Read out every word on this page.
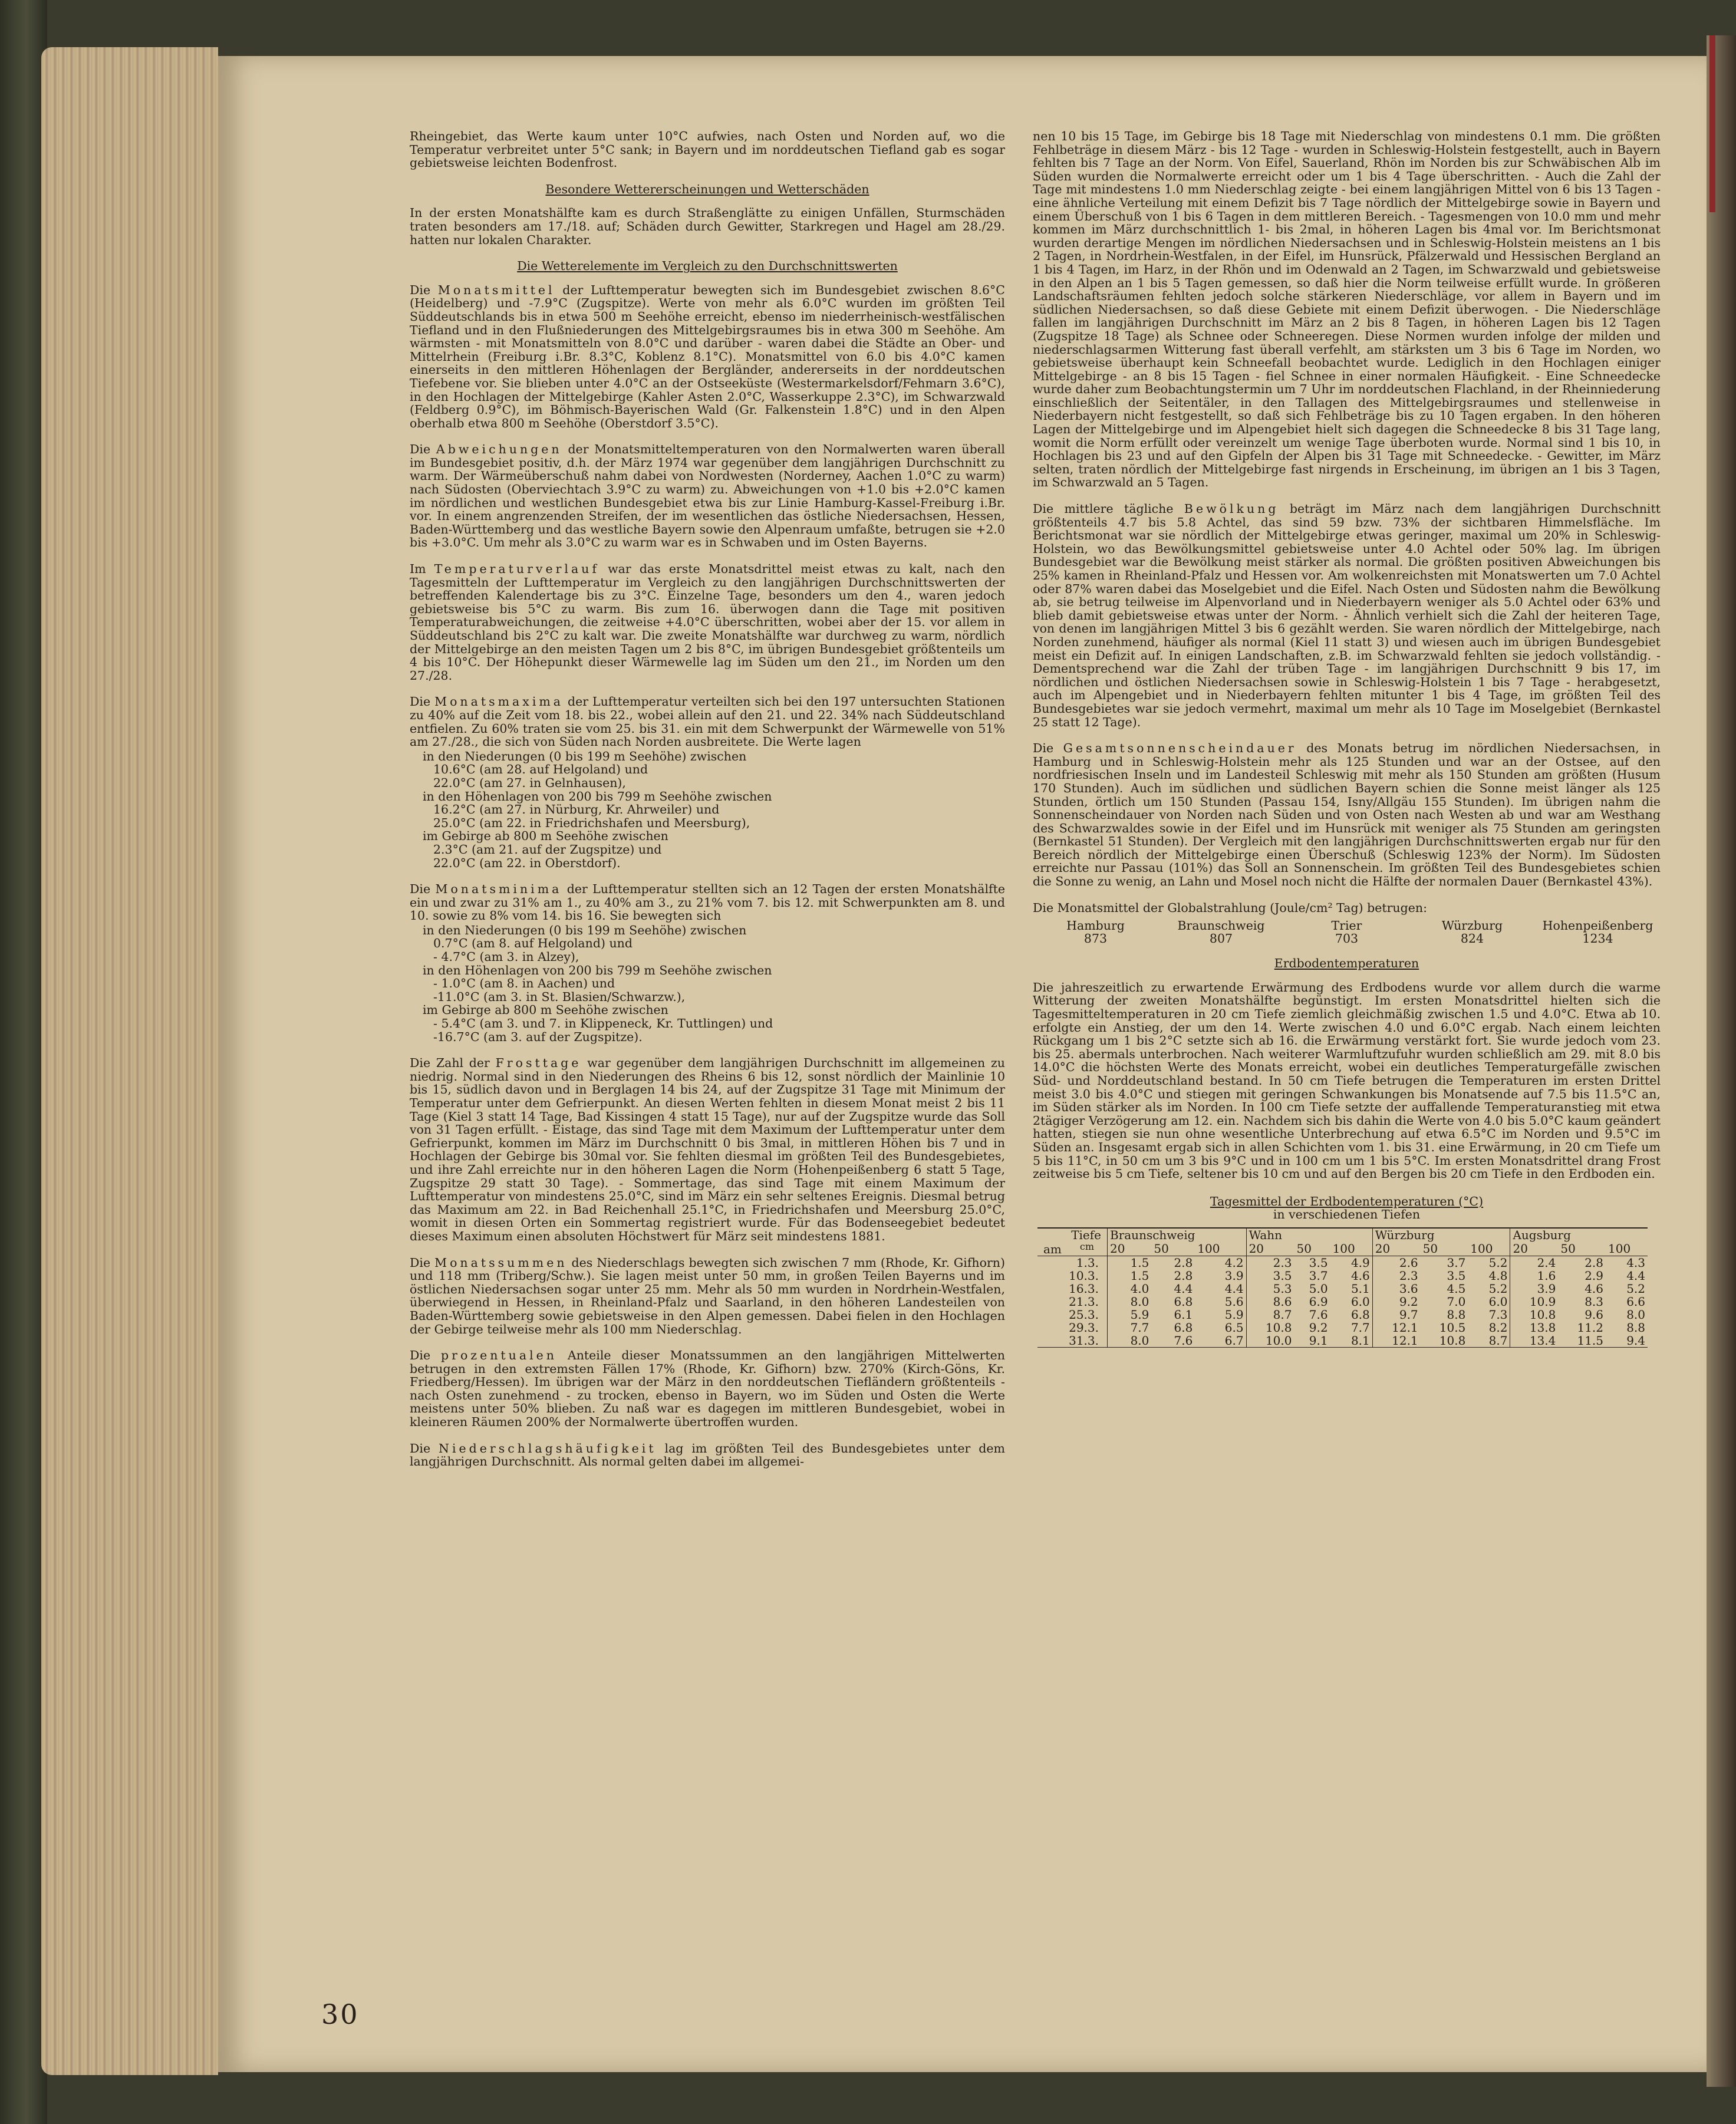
Rheingebiet, das Werte kaum unter 10°C aufwies, nach Osten und Norden auf, wo die Temperatur verbreitet unter 5°C sank; in Bayern und im norddeutschen Tiefland gab es sogar gebietsweise leichten Bodenfrost.

Besondere Wettererscheinungen und Wetterschäden

In der ersten Monatshälfte kam es durch Straßenglätte zu einigen Unfällen, Sturmschäden traten besonders am 17./18. auf; Schäden durch Gewitter, Starkregen und Hagel am 28./29. hatten nur lokalen Charakter.

Die Wetterelemente im Vergleich zu den Durchschnittswerten

Die Monatsmittel der Lufttemperatur bewegten sich im Bundesgebiet zwischen 8.6°C (Heidelberg) und -7.9°C (Zugspitze). Werte von mehr als 6.0°C wurden im größten Teil Süddeutschlands bis in etwa 500 m Seehöhe erreicht, ebenso im niederrheinisch-westfälischen Tiefland und in den Flußniederungen des Mittelgebirgsraumes bis in etwa 300 m Seehöhe. Am wärmsten - mit Monatsmitteln von 8.0°C und darüber - waren dabei die Städte an Ober- und Mittelrhein (Freiburg i.Br. 8.3°C, Koblenz 8.1°C). Monatsmittel von 6.0 bis 4.0°C kamen einerseits in den mittleren Höhenlagen der Bergländer, andererseits in der norddeutschen Tiefebene vor. Sie blieben unter 4.0°C an der Ostseeküste (Westermarkelsdorf/Fehmarn 3.6°C), in den Hochlagen der Mittelgebirge (Kahler Asten 2.0°C, Wasserkuppe 2.3°C), im Schwarzwald (Feldberg 0.9°C), im Böhmisch-Bayerischen Wald (Gr. Falkenstein 1.8°C) und in den Alpen oberhalb etwa 800 m Seehöhe (Oberstdorf 3.5°C).

Die Abweichungen der Monatsmitteltemperaturen von den Normalwerten waren überall im Bundesgebiet positiv, d.h. der März 1974 war gegenüber dem langjährigen Durchschnitt zu warm. Der Wärmeüberschuß nahm dabei von Nordwesten (Norderney, Aachen 1.0°C zu warm) nach Südosten (Oberviechtach 3.9°C zu warm) zu. Abweichungen von +1.0 bis +2.0°C kamen im nördlichen und westlichen Bundesgebiet etwa bis zur Linie Hamburg-Kassel-Freiburg i.Br. vor. In einem angrenzenden Streifen, der im wesentlichen das östliche Niedersachsen, Hessen, Baden-Württemberg und das westliche Bayern sowie den Alpenraum umfaßte, betrugen sie +2.0 bis +3.0°C. Um mehr als 3.0°C zu warm war es in Schwaben und im Osten Bayerns.

Im Temperaturverlauf war das erste Monatsdrittel meist etwas zu kalt, nach den Tagesmitteln der Lufttemperatur im Vergleich zu den langjährigen Durchschnittswerten der betreffenden Kalendertage bis zu 3°C. Einzelne Tage, besonders um den 4., waren jedoch gebietsweise bis 5°C zu warm. Bis zum 16. überwogen dann die Tage mit positiven Temperaturabweichungen, die zeitweise +4.0°C überschritten, wobei aber der 15. vor allem in Süddeutschland bis 2°C zu kalt war. Die zweite Monatshälfte war durchweg zu warm, nördlich der Mittelgebirge an den meisten Tagen um 2 bis 8°C, im übrigen Bundesgebiet größtenteils um 4 bis 10°C. Der Höhepunkt dieser Wärmewelle lag im Süden um den 21., im Norden um den 27./28.

Die Monatsmaxima der Lufttemperatur verteilten sich bei den 197 untersuchten Stationen zu 40% auf die Zeit vom 18. bis 22., wobei allein auf den 21. und 22. 34% nach Süddeutschland entfielen. Zu 60% traten sie vom 25. bis 31. ein mit dem Schwerpunkt der Wärmewelle von 51% am 27./28., die sich von Süden nach Norden ausbreitete. Die Werte lagen

in den Niederungen (0 bis 199 m Seehöhe) zwischen
10.6°C (am 28. auf Helgoland) und
22.0°C (am 27. in Gelnhausen),
in den Höhenlagen von 200 bis 799 m Seehöhe zwischen
16.2°C (am 27. in Nürburg, Kr. Ahrweiler) und
25.0°C (am 22. in Friedrichshafen und Meersburg),
im Gebirge ab 800 m Seehöhe zwischen
2.3°C (am 21. auf der Zugspitze) und
22.0°C (am 22. in Oberstdorf).

Die Monatsminima der Lufttemperatur stellten sich an 12 Tagen der ersten Monatshälfte ein und zwar zu 31% am 1., zu 40% am 3., zu 21% vom 7. bis 12. mit Schwerpunkten am 8. und 10. sowie zu 8% vom 14. bis 16. Sie bewegten sich

in den Niederungen (0 bis 199 m Seehöhe) zwischen
0.7°C (am 8. auf Helgoland) und
- 4.7°C (am 3. in Alzey),
in den Höhenlagen von 200 bis 799 m Seehöhe zwischen
- 1.0°C (am 8. in Aachen) und
-11.0°C (am 3. in St. Blasien/Schwarzw.),
im Gebirge ab 800 m Seehöhe zwischen
- 5.4°C (am 3. und 7. in Klippeneck, Kr. Tuttlingen) und
-16.7°C (am 3. auf der Zugspitze).

Die Zahl der Frosttage war gegenüber dem langjährigen Durchschnitt im allgemeinen zu niedrig. Normal sind in den Niederungen des Rheins 6 bis 12, sonst nördlich der Mainlinie 10 bis 15, südlich davon und in Berglagen 14 bis 24, auf der Zugspitze 31 Tage mit Minimum der Temperatur unter dem Gefrierpunkt. An diesen Werten fehlten in diesem Monat meist 2 bis 11 Tage (Kiel 3 statt 14 Tage, Bad Kissingen 4 statt 15 Tage), nur auf der Zugspitze wurde das Soll von 31 Tagen erfüllt. - Eistage, das sind Tage mit dem Maximum der Lufttemperatur unter dem Gefrierpunkt, kommen im März im Durchschnitt 0 bis 3mal, in mittleren Höhen bis 7 und in Hochlagen der Gebirge bis 30mal vor. Sie fehlten diesmal im größten Teil des Bundesgebietes, und ihre Zahl erreichte nur in den höheren Lagen die Norm (Hohenpeißenberg 6 statt 5 Tage, Zugspitze 29 statt 30 Tage). - Sommertage, das sind Tage mit einem Maximum der Lufttemperatur von mindestens 25.0°C, sind im März ein sehr seltenes Ereignis. Diesmal betrug das Maximum am 22. in Bad Reichenhall 25.1°C, in Friedrichshafen und Meersburg 25.0°C, womit in diesen Orten ein Sommertag registriert wurde. Für das Bodenseegebiet bedeutet dieses Maximum einen absoluten Höchstwert für März seit mindestens 1881.

Die Monatssummen des Niederschlags bewegten sich zwischen 7 mm (Rhode, Kr. Gifhorn) und 118 mm (Triberg/Schw.). Sie lagen meist unter 50 mm, in großen Teilen Bayerns und im östlichen Niedersachsen sogar unter 25 mm. Mehr als 50 mm wurden in Nordrhein-Westfalen, überwiegend in Hessen, in Rheinland-Pfalz und Saarland, in den höheren Landesteilen von Baden-Württemberg sowie gebietsweise in den Alpen gemessen. Dabei fielen in den Hochlagen der Gebirge teilweise mehr als 100 mm Niederschlag.

Die prozentualen Anteile dieser Monatssummen an den langjährigen Mittelwerten betrugen in den extremsten Fällen 17% (Rhode, Kr. Gifhorn) bzw. 270% (Kirch-Göns, Kr. Friedberg/Hessen). Im übrigen war der März in den norddeutschen Tiefländern größtenteils - nach Osten zunehmend - zu trocken, ebenso in Bayern, wo im Süden und Osten die Werte meistens unter 50% blieben. Zu naß war es dagegen im mittleren Bundesgebiet, wobei in kleineren Räumen 200% der Normalwerte übertroffen wurden.

Die Niederschlagshäufigkeit lag im größten Teil des Bundesgebietes unter dem langjährigen Durchschnitt. Als normal gelten dabei im allgemei-

nen 10 bis 15 Tage, im Gebirge bis 18 Tage mit Niederschlag von mindestens 0.1 mm. Die größten Fehlbeträge in diesem März - bis 12 Tage - wurden in Schleswig-Holstein festgestellt, auch in Bayern fehlten bis 7 Tage an der Norm. Von Eifel, Sauerland, Rhön im Norden bis zur Schwäbischen Alb im Süden wurden die Normalwerte erreicht oder um 1 bis 4 Tage überschritten. - Auch die Zahl der Tage mit mindestens 1.0 mm Niederschlag zeigte - bei einem langjährigen Mittel von 6 bis 13 Tagen - eine ähnliche Verteilung mit einem Defizit bis 7 Tage nördlich der Mittelgebirge sowie in Bayern und einem Überschuß von 1 bis 6 Tagen in dem mittleren Bereich. - Tagesmengen von 10.0 mm und mehr kommen im März durchschnittlich 1- bis 2mal, in höheren Lagen bis 4mal vor. Im Berichtsmonat wurden derartige Mengen im nördlichen Niedersachsen und in Schleswig-Holstein meistens an 1 bis 2 Tagen, in Nordrhein-Westfalen, in der Eifel, im Hunsrück, Pfälzerwald und Hessischen Bergland an 1 bis 4 Tagen, im Harz, in der Rhön und im Odenwald an 2 Tagen, im Schwarzwald und gebietsweise in den Alpen an 1 bis 5 Tagen gemessen, so daß hier die Norm teilweise erfüllt wurde. In größeren Landschaftsräumen fehlten jedoch solche stärkeren Niederschläge, vor allem in Bayern und im südlichen Niedersachsen, so daß diese Gebiete mit einem Defizit überwogen. - Die Niederschläge fallen im langjährigen Durchschnitt im März an 2 bis 8 Tagen, in höheren Lagen bis 12 Tagen (Zugspitze 18 Tage) als Schnee oder Schneeregen. Diese Normen wurden infolge der milden und niederschlagsarmen Witterung fast überall verfehlt, am stärksten um 3 bis 6 Tage im Norden, wo gebietsweise überhaupt kein Schneefall beobachtet wurde. Lediglich in den Hochlagen einiger Mittelgebirge - an 8 bis 15 Tagen - fiel Schnee in einer normalen Häufigkeit. - Eine Schneedecke wurde daher zum Beobachtungstermin um 7 Uhr im norddeutschen Flachland, in der Rheinniederung einschließlich der Seitentäler, in den Tallagen des Mittelgebirgsraumes und stellenweise in Niederbayern nicht festgestellt, so daß sich Fehlbeträge bis zu 10 Tagen ergaben. In den höheren Lagen der Mittelgebirge und im Alpengebiet hielt sich dagegen die Schneedecke 8 bis 31 Tage lang, womit die Norm erfüllt oder vereinzelt um wenige Tage überboten wurde. Normal sind 1 bis 10, in Hochlagen bis 23 und auf den Gipfeln der Alpen bis 31 Tage mit Schneedecke. - Gewitter, im März selten, traten nördlich der Mittelgebirge fast nirgends in Erscheinung, im übrigen an 1 bis 3 Tagen, im Schwarzwald an 5 Tagen.

Die mittlere tägliche Bewölkung beträgt im März nach dem langjährigen Durchschnitt größtenteils 4.7 bis 5.8 Achtel, das sind 59 bzw. 73% der sichtbaren Himmelsfläche. Im Berichtsmonat war sie nördlich der Mittelgebirge etwas geringer, maximal um 20% in Schleswig-Holstein, wo das Bewölkungsmittel gebietsweise unter 4.0 Achtel oder 50% lag. Im übrigen Bundesgebiet war die Bewölkung meist stärker als normal. Die größten positiven Abweichungen bis 25% kamen in Rheinland-Pfalz und Hessen vor. Am wolkenreichsten mit Monatswerten um 7.0 Achtel oder 87% waren dabei das Moselgebiet und die Eifel. Nach Osten und Südosten nahm die Bewölkung ab, sie betrug teilweise im Alpenvorland und in Niederbayern weniger als 5.0 Achtel oder 63% und blieb damit gebietsweise etwas unter der Norm. - Ähnlich verhielt sich die Zahl der heiteren Tage, von denen im langjährigen Mittel 3 bis 6 gezählt werden. Sie waren nördlich der Mittelgebirge, nach Norden zunehmend, häufiger als normal (Kiel 11 statt 3) und wiesen auch im übrigen Bundesgebiet meist ein Defizit auf. In einigen Landschaften, z.B. im Schwarzwald fehlten sie jedoch vollständig. - Dementsprechend war die Zahl der trüben Tage - im langjährigen Durchschnitt 9 bis 17, im nördlichen und östlichen Niedersachsen sowie in Schleswig-Holstein 1 bis 7 Tage - herabgesetzt, auch im Alpengebiet und in Niederbayern fehlten mitunter 1 bis 4 Tage, im größten Teil des Bundesgebietes war sie jedoch vermehrt, maximal um mehr als 10 Tage im Moselgebiet (Bernkastel 25 statt 12 Tage).

Die Gesamtsonnenscheindauer des Monats betrug im nördlichen Niedersachsen, in Hamburg und in Schleswig-Holstein mehr als 125 Stunden und war an der Ostsee, auf den nordfriesischen Inseln und im Landesteil Schleswig mit mehr als 150 Stunden am größten (Husum 170 Stunden). Auch im südlichen und südlichen Bayern schien die Sonne meist länger als 125 Stunden, örtlich um 150 Stunden (Passau 154, Isny/Allgäu 155 Stunden). Im übrigen nahm die Sonnenscheindauer von Norden nach Süden und von Osten nach Westen ab und war am Westhang des Schwarzwaldes sowie in der Eifel und im Hunsrück mit weniger als 75 Stunden am geringsten (Bernkastel 51 Stunden). Der Vergleich mit den langjährigen Durchschnittswerten ergab nur für den Bereich nördlich der Mittelgebirge einen Überschuß (Schleswig 123% der Norm). Im Südosten erreichte nur Passau (101%) das Soll an Sonnenschein. Im größten Teil des Bundesgebietes schien die Sonne zu wenig, an Lahn und Mosel noch nicht die Hälfte der normalen Dauer (Bernkastel 43%).

Die Monatsmittel der Globalstrahlung (Joule/cm² Tag) betrugen:

Hamburg	Braunschweig	Trier	Würzburg	Hohenpeißenberg
873	807	703	824	1234

Erdbodentemperaturen

Die jahreszeitlich zu erwartende Erwärmung des Erdbodens wurde vor allem durch die warme Witterung der zweiten Monatshälfte begünstigt. Im ersten Monatsdrittel hielten sich die Tagesmitteltemperaturen in 20 cm Tiefe ziemlich gleichmäßig zwischen 1.5 und 4.0°C. Etwa ab 10. erfolgte ein Anstieg, der um den 14. Werte zwischen 4.0 und 6.0°C ergab. Nach einem leichten Rückgang um 1 bis 2°C setzte sich ab 16. die Erwärmung verstärkt fort. Sie wurde jedoch vom 23. bis 25. abermals unterbrochen. Nach weiterer Warmluftzufuhr wurden schließlich am 29. mit 8.0 bis 14.0°C die höchsten Werte des Monats erreicht, wobei ein deutliches Temperaturgefälle zwischen Süd- und Norddeutschland bestand. In 50 cm Tiefe betrugen die Temperaturen im ersten Drittel meist 3.0 bis 4.0°C und stiegen mit geringen Schwankungen bis Monatsende auf 7.5 bis 11.5°C an, im Süden stärker als im Norden. In 100 cm Tiefe setzte der auffallende Temperaturanstieg mit etwa 2tägiger Verzögerung am 12. ein. Nachdem sich bis dahin die Werte von 4.0 bis 5.0°C kaum geändert hatten, stiegen sie nun ohne wesentliche Unterbrechung auf etwa 6.5°C im Norden und 9.5°C im Süden an. Insgesamt ergab sich in allen Schichten vom 1. bis 31. eine Erwärmung, in 20 cm Tiefe um 5 bis 11°C, in 50 cm um 3 bis 9°C und in 100 cm um 1 bis 5°C. Im ersten Monatsdrittel drang Frost zeitweise bis 5 cm Tiefe, seltener bis 10 cm und auf den Bergen bis 20 cm Tiefe in den Erdboden ein.

Tagesmittel der Erdbodentemperaturen (°C)
in verschiedenen Tiefen
Tiefe
cm
am	Braunschweig			Wahn			Würzburg			Augsburg		
	20	50	100	20	50	100	20	50	100	20	50	100
1.3.	1.5	2.8	4.2	2.3	3.5	4.9	2.6	3.7	5.2	2.4	2.8	4.3
10.3.	1.5	2.8	3.9	3.5	3.7	4.6	2.3	3.5	4.8	1.6	2.9	4.4
16.3.	4.0	4.4	4.4	5.3	5.0	5.1	3.6	4.5	5.2	3.9	4.6	5.2
21.3.	8.0	6.8	5.6	8.6	6.9	6.0	9.2	7.0	6.0	10.9	8.3	6.6
25.3.	5.9	6.1	5.9	8.7	7.6	6.8	9.7	8.8	7.3	10.8	9.6	8.0
29.3.	7.7	6.8	6.5	10.8	9.2	7.7	12.1	10.5	8.2	13.8	11.2	8.8
31.3.	8.0	7.6	6.7	10.0	9.1	8.1	12.1	10.8	8.7	13.4	11.5	9.4
30
